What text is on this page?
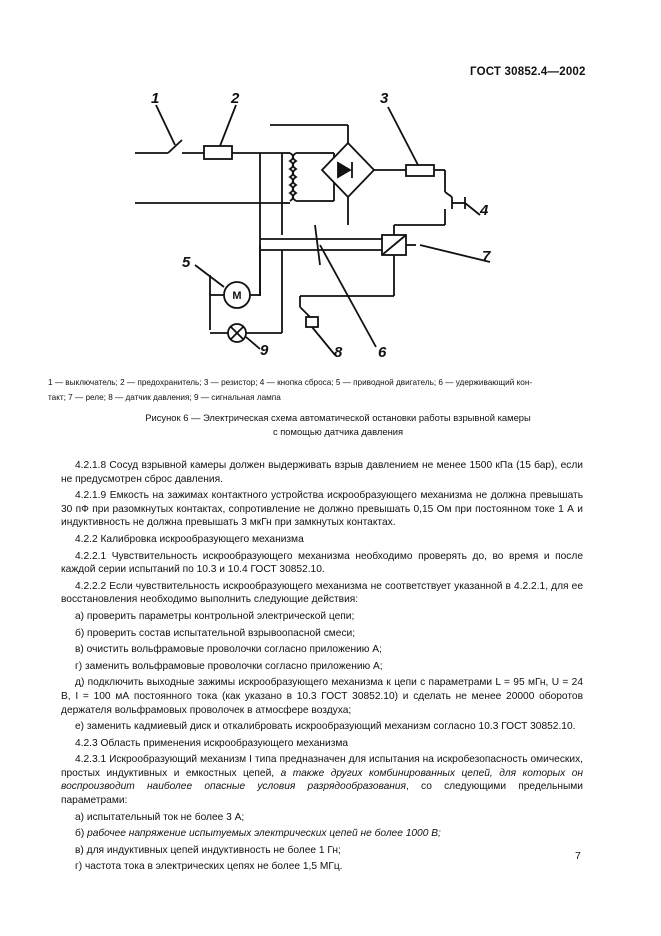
ГОСТ 30852.4—2002
1	2	3
4
5
6
7
8
9
М
1 — выключатель; 2 — предохранитель; 3 — резистор; 4 — кнопка сброса; 5 — приводной двигатель; 6 — удерживающий кон-
такт; 7 — реле; 8 — датчик давления; 9 — сигнальная лампа
Рисунок 6 — Электрическая схема автоматической остановки работы взрывной камеры
с помощью датчика давления

4.2.1.8 Сосуд взрывной камеры должен выдерживать взрыв давлением не менее 1500 кПа (15 бар), если не предусмотрен сброс давления.

4.2.1.9 Емкость на зажимах контактного устройства искрообразующего механизма не должна превышать 30 пФ при разомкнутых контактах, сопротивление не должно превышать 0,15 Ом при постоянном токе 1 А и индуктивность не должна превышать 3 мкГн при замкнутых контактах.

4.2.2 Калибровка искрообразующего механизма

4.2.2.1 Чувствительность искрообразующего механизма необходимо проверять до, во время и после каждой серии испытаний по 10.3 и 10.4 ГОСТ 30852.10.

4.2.2.2 Если чувствительность искрообразующего механизма не соответствует указанной в 4.2.2.1, для ее восстановления необходимо выполнить следующие действия:

а) проверить параметры контрольной электрической цепи;

б) проверить состав испытательной взрывоопасной смеси;

в) очистить вольфрамовые проволочки согласно приложению А;

г) заменить вольфрамовые проволочки согласно приложению А;

д) подключить выходные зажимы искрообразующего механизма к цепи с параметрами L = 95 мГн, U = 24 В, I = 100 мА постоянного тока (как указано в 10.3 ГОСТ 30852.10) и сделать не менее 20000 оборотов держателя вольфрамовых проволочек в атмосфере воздуха;

е) заменить кадмиевый диск и откалибровать искрообразующий механизм согласно 10.3 ГОСТ 30852.10.

4.2.3 Область применения искрообразующего механизма

4.2.3.1 Искрообразующий механизм I типа предназначен для испытания на искробезопасность омических, простых индуктивных и емкостных цепей, а также других комбинированных цепей, для которых он воспроизводит наиболее опасные условия разрядообразования, со следующими предельными параметрами:

а) испытательный ток не более 3 А;

б) рабочее напряжение испытуемых электрических цепей не более 1000 В;

в) для индуктивных цепей индуктивность не более 1 Гн;

г) частота тока в электрических цепях не более 1,5 МГц.

7
